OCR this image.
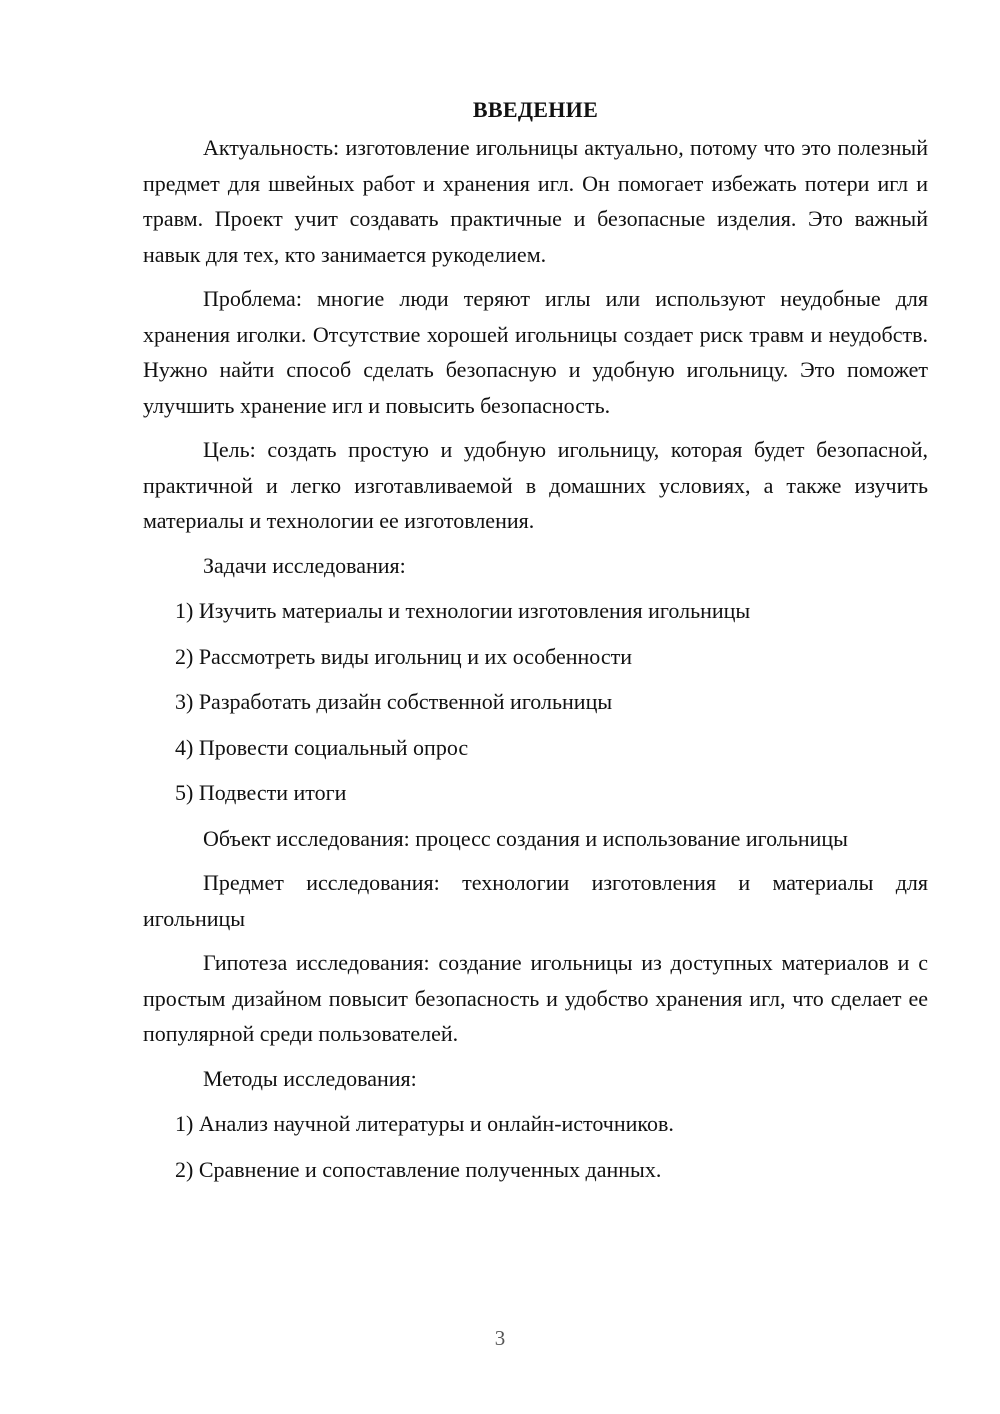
ВВЕДЕНИЕ

Актуальность: изготовление игольницы актуально, потому что это полезный предмет для швейных работ и хранения игл. Он помогает избежать потери игл и травм. Проект учит создавать практичные и безопасные изделия. Это важный навык для тех, кто занимается рукоделием.

Проблема: многие люди теряют иглы или используют неудобные для хранения иголки. Отсутствие хорошей игольницы создает риск травм и неудобств. Нужно найти способ сделать безопасную и удобную игольницу. Это поможет улучшить хранение игл и повысить безопасность.

Цель: создать простую и удобную игольницу, которая будет безопасной, практичной и легко изготавливаемой в домашних условиях, а также изучить материалы и технологии ее изготовления.

Задачи исследования:
1) Изучить материалы и технологии изготовления игольницы
2) Рассмотреть виды игольниц и их особенности
3) Разработать дизайн собственной игольницы
4) Провести социальный опрос
5) Подвести итоги

Объект исследования: процесс создания и использование игольницы

Предмет исследования: технологии изготовления и материалы для игольницы

Гипотеза исследования: создание игольницы из доступных материалов и с простым дизайном повысит безопасность и удобство хранения игл, что сделает ее популярной среди пользователей.

Методы исследования:
1) Анализ научной литературы и онлайн-источников.
2) Сравнение и сопоставление полученных данных.
3
